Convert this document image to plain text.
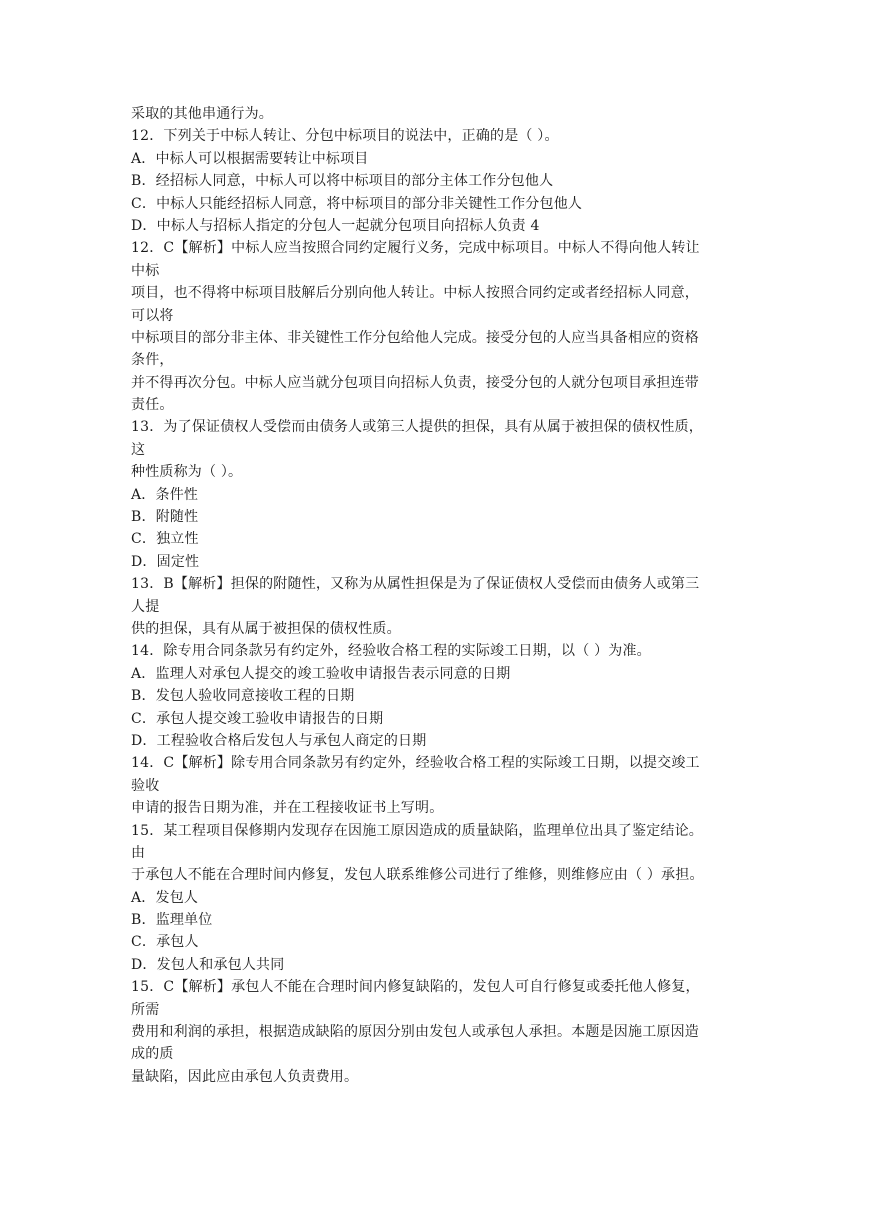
采取的其他串通行为。
12．下列关于中标人转让、分包中标项目的说法中，正确的是（ ）。
A．中标人可以根据需要转让中标项目
B．经招标人同意，中标人可以将中标项目的部分主体工作分包他人
C．中标人只能经招标人同意，将中标项目的部分非关键性工作分包他人
D．中标人与招标人指定的分包人一起就分包项目向招标人负责 4
12．C【解析】中标人应当按照合同约定履行义务，完成中标项目。中标人不得向他人转让
中标
项目，也不得将中标项目肢解后分别向他人转让。中标人按照合同约定或者经招标人同意，
可以将
中标项目的部分非主体、非关键性工作分包给他人完成。接受分包的人应当具备相应的资格
条件，
并不得再次分包。中标人应当就分包项目向招标人负责，接受分包的人就分包项目承担连带
责任。
13．为了保证债权人受偿而由债务人或第三人提供的担保，具有从属于被担保的债权性质，
这
种性质称为（ ）。
A．条件性
B．附随性
C．独立性
D．固定性
13．B【解析】担保的附随性，又称为从属性担保是为了保证债权人受偿而由债务人或第三
人提
供的担保，具有从属于被担保的债权性质。
14．除专用合同条款另有约定外，经验收合格工程的实际竣工日期，以（ ）为准。
A．监理人对承包人提交的竣工验收申请报告表示同意的日期
B．发包人验收同意接收工程的日期
C．承包人提交竣工验收申请报告的日期
D．工程验收合格后发包人与承包人商定的日期
14．C【解析】除专用合同条款另有约定外，经验收合格工程的实际竣工日期，以提交竣工
验收
申请的报告日期为准，并在工程接收证书上写明。
15．某工程项目保修期内发现存在因施工原因造成的质量缺陷，监理单位出具了鉴定结论。
由
于承包人不能在合理时间内修复，发包人联系维修公司进行了维修，则维修应由（ ）承担。
A．发包人
B．监理单位
C．承包人
D．发包人和承包人共同
15．C【解析】承包人不能在合理时间内修复缺陷的，发包人可自行修复或委托他人修复，
所需
费用和利润的承担，根据造成缺陷的原因分别由发包人或承包人承担。本题是因施工原因造
成的质
量缺陷，因此应由承包人负责费用。
